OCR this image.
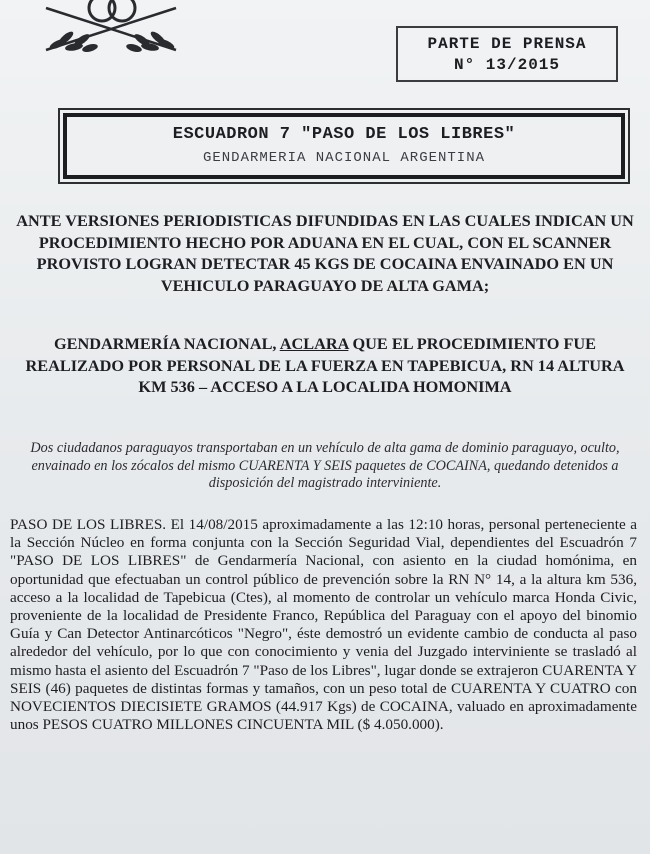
PARTE DE PRENSA
N° 13/2015
ESCUADRON 7 "PASO DE LOS LIBRES"
GENDARMERIA NACIONAL ARGENTINA
ANTE VERSIONES PERIODISTICAS DIFUNDIDAS EN LAS CUALES INDICAN UN PROCEDIMIENTO HECHO POR ADUANA EN EL CUAL, CON EL SCANNER PROVISTO LOGRAN DETECTAR 45 KGS DE COCAINA ENVAINADO EN UN VEHICULO PARAGUAYO DE ALTA GAMA;
GENDARMERÍA NACIONAL, ACLARA QUE EL PROCEDIMIENTO FUE REALIZADO POR PERSONAL DE LA FUERZA EN TAPEBICUA, RN 14 ALTURA KM 536 – ACCESO A LA LOCALIDA HOMONIMA
Dos ciudadanos paraguayos transportaban en un vehículo de alta gama de dominio paraguayo, oculto, envainado en los zócalos del mismo CUARENTA Y SEIS paquetes de COCAINA, quedando detenidos a disposición del magistrado interviniente.
PASO DE LOS LIBRES. El 14/08/2015 aproximadamente a las 12:10 horas, personal perteneciente a la Sección Núcleo en forma conjunta con la Sección Seguridad Vial, dependientes del Escuadrón 7 "PASO DE LOS LIBRES" de Gendarmería Nacional, con asiento en la ciudad homónima, en oportunidad que efectuaban un control público de prevención sobre la RN N° 14, a la altura km 536, acceso a la localidad de Tapebicua (Ctes), al momento de controlar un vehículo marca Honda Civic, proveniente de la localidad de Presidente Franco, República del Paraguay con el apoyo del binomio Guía y Can Detector Antinarcóticos "Negro", éste demostró un evidente cambio de conducta al paso alrededor del vehículo, por lo que con conocimiento y venia del Juzgado interviniente se trasladó al mismo hasta el asiento del Escuadrón 7 "Paso de los Libres", lugar donde se extrajeron CUARENTA Y SEIS (46) paquetes de distintas formas y tamaños, con un peso total de CUARENTA Y CUATRO con NOVECIENTOS DIECISIETE GRAMOS (44.917 Kgs) de COCAINA, valuado en aproximadamente unos PESOS CUATRO MILLONES CINCUENTA MIL ($ 4.050.000).
